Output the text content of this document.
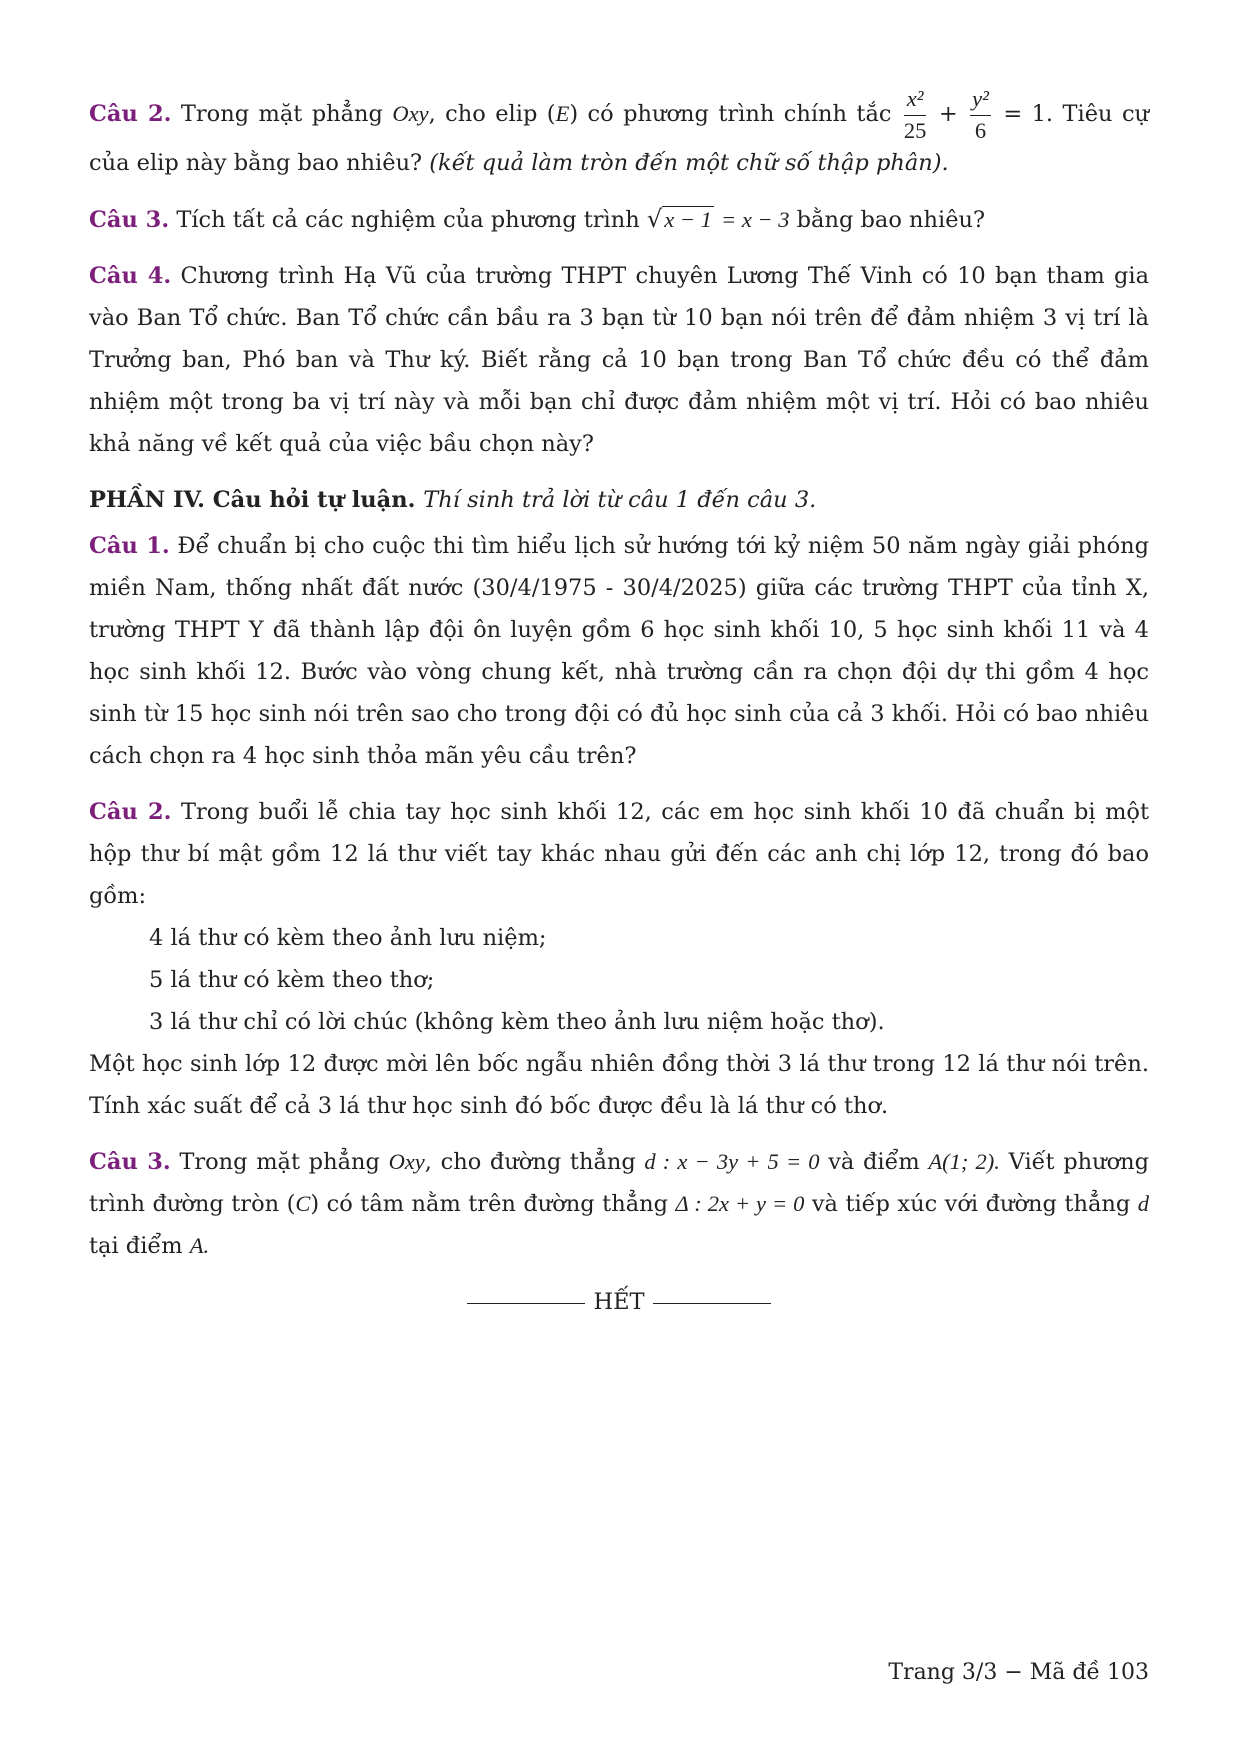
Câu 2. Trong mặt phẳng Oxy, cho elip (E) có phương trình chính tắc $\frac{\text{x²}}{25} + \frac{\text{y²}}{6} = 1$. Tiêu cự của elip này bằng bao nhiêu? (kết quả làm tròn đến một chữ số thập phân).

Câu 3. Tích tất cả các nghiệm của phương trình √x − 1 = x − 3 bằng bao nhiêu?

Câu 4. Chương trình Hạ Vũ của trường THPT chuyên Lương Thế Vinh có 10 bạn tham gia vào Ban Tổ chức. Ban Tổ chức cần bầu ra 3 bạn từ 10 bạn nói trên để đảm nhiệm 3 vị trí là Trưởng ban, Phó ban và Thư ký. Biết rằng cả 10 bạn trong Ban Tổ chức đều có thể đảm nhiệm một trong ba vị trí này và mỗi bạn chỉ được đảm nhiệm một vị trí. Hỏi có bao nhiêu khả năng về kết quả của việc bầu chọn này?

PHẦN IV. Câu hỏi tự luận. Thí sinh trả lời từ câu 1 đến câu 3.

Câu 1. Để chuẩn bị cho cuộc thi tìm hiểu lịch sử hướng tới kỷ niệm 50 năm ngày giải phóng miền Nam, thống nhất đất nước (30/4/1975 - 30/4/2025) giữa các trường THPT của tỉnh X, trường THPT Y đã thành lập đội ôn luyện gồm 6 học sinh khối 10, 5 học sinh khối 11 và 4 học sinh khối 12. Bước vào vòng chung kết, nhà trường cần ra chọn đội dự thi gồm 4 học sinh từ 15 học sinh nói trên sao cho trong đội có đủ học sinh của cả 3 khối. Hỏi có bao nhiêu cách chọn ra 4 học sinh thỏa mãn yêu cầu trên?

Câu 2. Trong buổi lễ chia tay học sinh khối 12, các em học sinh khối 10 đã chuẩn bị một hộp thư bí mật gồm 12 lá thư viết tay khác nhau gửi đến các anh chị lớp 12, trong đó bao gồm:

4 lá thư có kèm theo ảnh lưu niệm;

5 lá thư có kèm theo thơ;

3 lá thư chỉ có lời chúc (không kèm theo ảnh lưu niệm hoặc thơ).

Một học sinh lớp 12 được mời lên bốc ngẫu nhiên đồng thời 3 lá thư trong 12 lá thư nói trên. Tính xác suất để cả 3 lá thư học sinh đó bốc được đều là lá thư có thơ.

Câu 3. Trong mặt phẳng Oxy, cho đường thẳng d : x − 3y + 5 = 0 và điểm A(1; 2). Viết phương trình đường tròn (C) có tâm nằm trên đường thẳng Δ : 2x + y = 0 và tiếp xúc với đường thẳng d tại điểm A.

HẾT
Trang 3/3 − Mã đề 103
